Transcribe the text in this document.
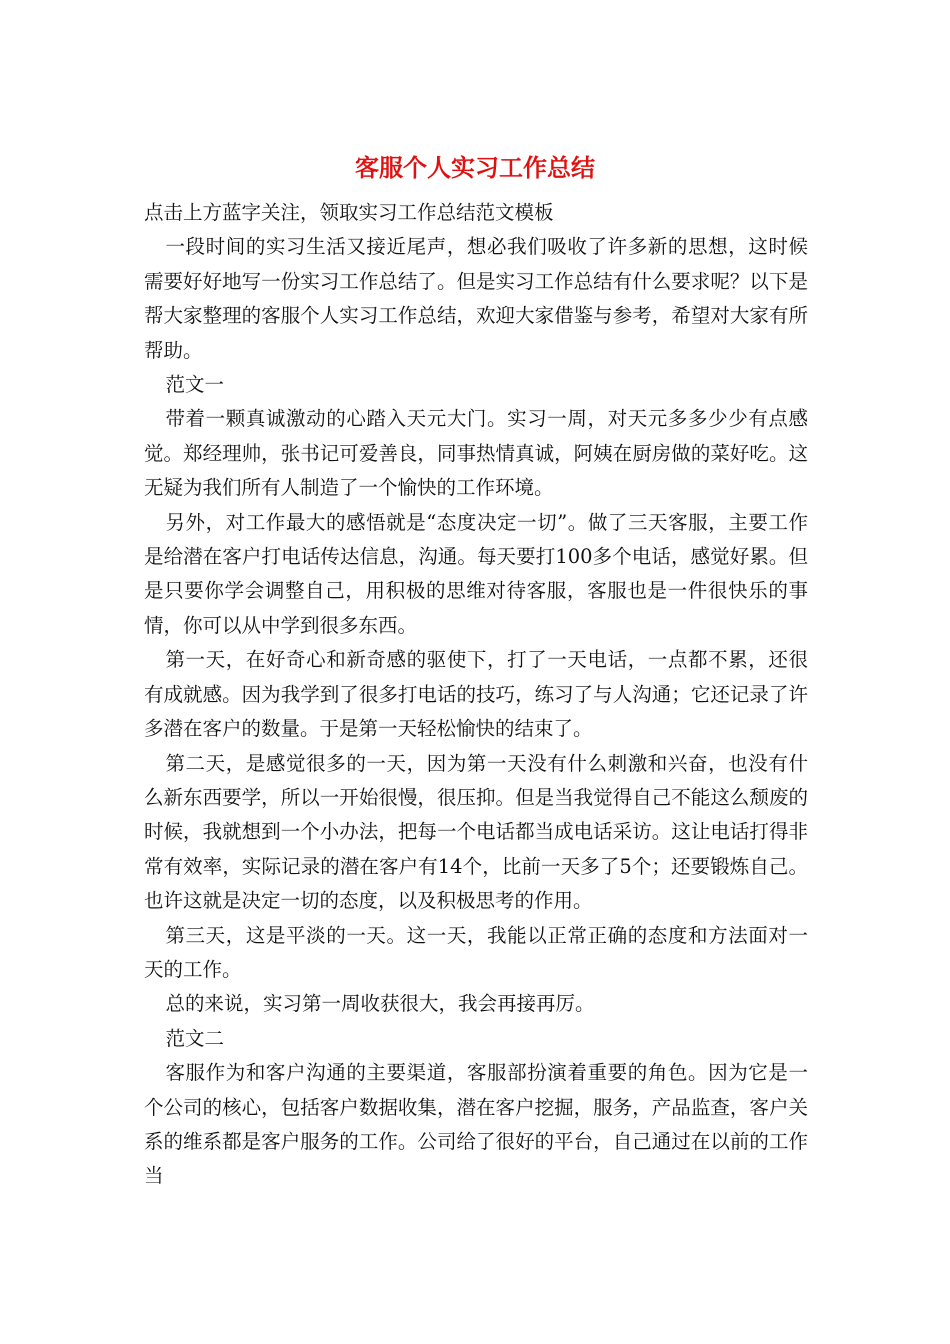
客服个人实习工作总结

点击上方蓝字关注，领取实习工作总结范文模板

一段时间的实习生活又接近尾声，想必我们吸收了许多新的思想，这时候需要好好地写一份实习工作总结了。但是实习工作总结有什么要求呢？以下是帮大家整理的客服个人实习工作总结，欢迎大家借鉴与参考，希望对大家有所帮助。

范文一

带着一颗真诚激动的心踏入天元大门。实习一周，对天元多多少少有点感觉。郑经理帅，张书记可爱善良，同事热情真诚，阿姨在厨房做的菜好吃。这无疑为我们所有人制造了一个愉快的工作环境。

另外，对工作最大的感悟就是“态度决定一切”。做了三天客服，主要工作是给潜在客户打电话传达信息，沟通。每天要打100多个电话，感觉好累。但是只要你学会调整自己，用积极的思维对待客服，客服也是一件很快乐的事情，你可以从中学到很多东西。

第一天，在好奇心和新奇感的驱使下，打了一天电话，一点都不累，还很有成就感。因为我学到了很多打电话的技巧，练习了与人沟通；它还记录了许多潜在客户的数量。于是第一天轻松愉快的结束了。

第二天，是感觉很多的一天，因为第一天没有什么刺激和兴奋，也没有什么新东西要学，所以一开始很慢，很压抑。但是当我觉得自己不能这么颓废的时候，我就想到一个小办法，把每一个电话都当成电话采访。这让电话打得非常有效率，实际记录的潜在客户有14个，比前一天多了5个；还要锻炼自己。也许这就是决定一切的态度，以及积极思考的作用。

第三天，这是平淡的一天。这一天，我能以正常正确的态度和方法面对一天的工作。

总的来说，实习第一周收获很大，我会再接再厉。

范文二

客服作为和客户沟通的主要渠道，客服部扮演着重要的角色。因为它是一个公司的核心，包括客户数据收集，潜在客户挖掘，服务，产品监查，客户关系的维系都是客户服务的工作。公司给了很好的平台，自己通过在以前的工作当
